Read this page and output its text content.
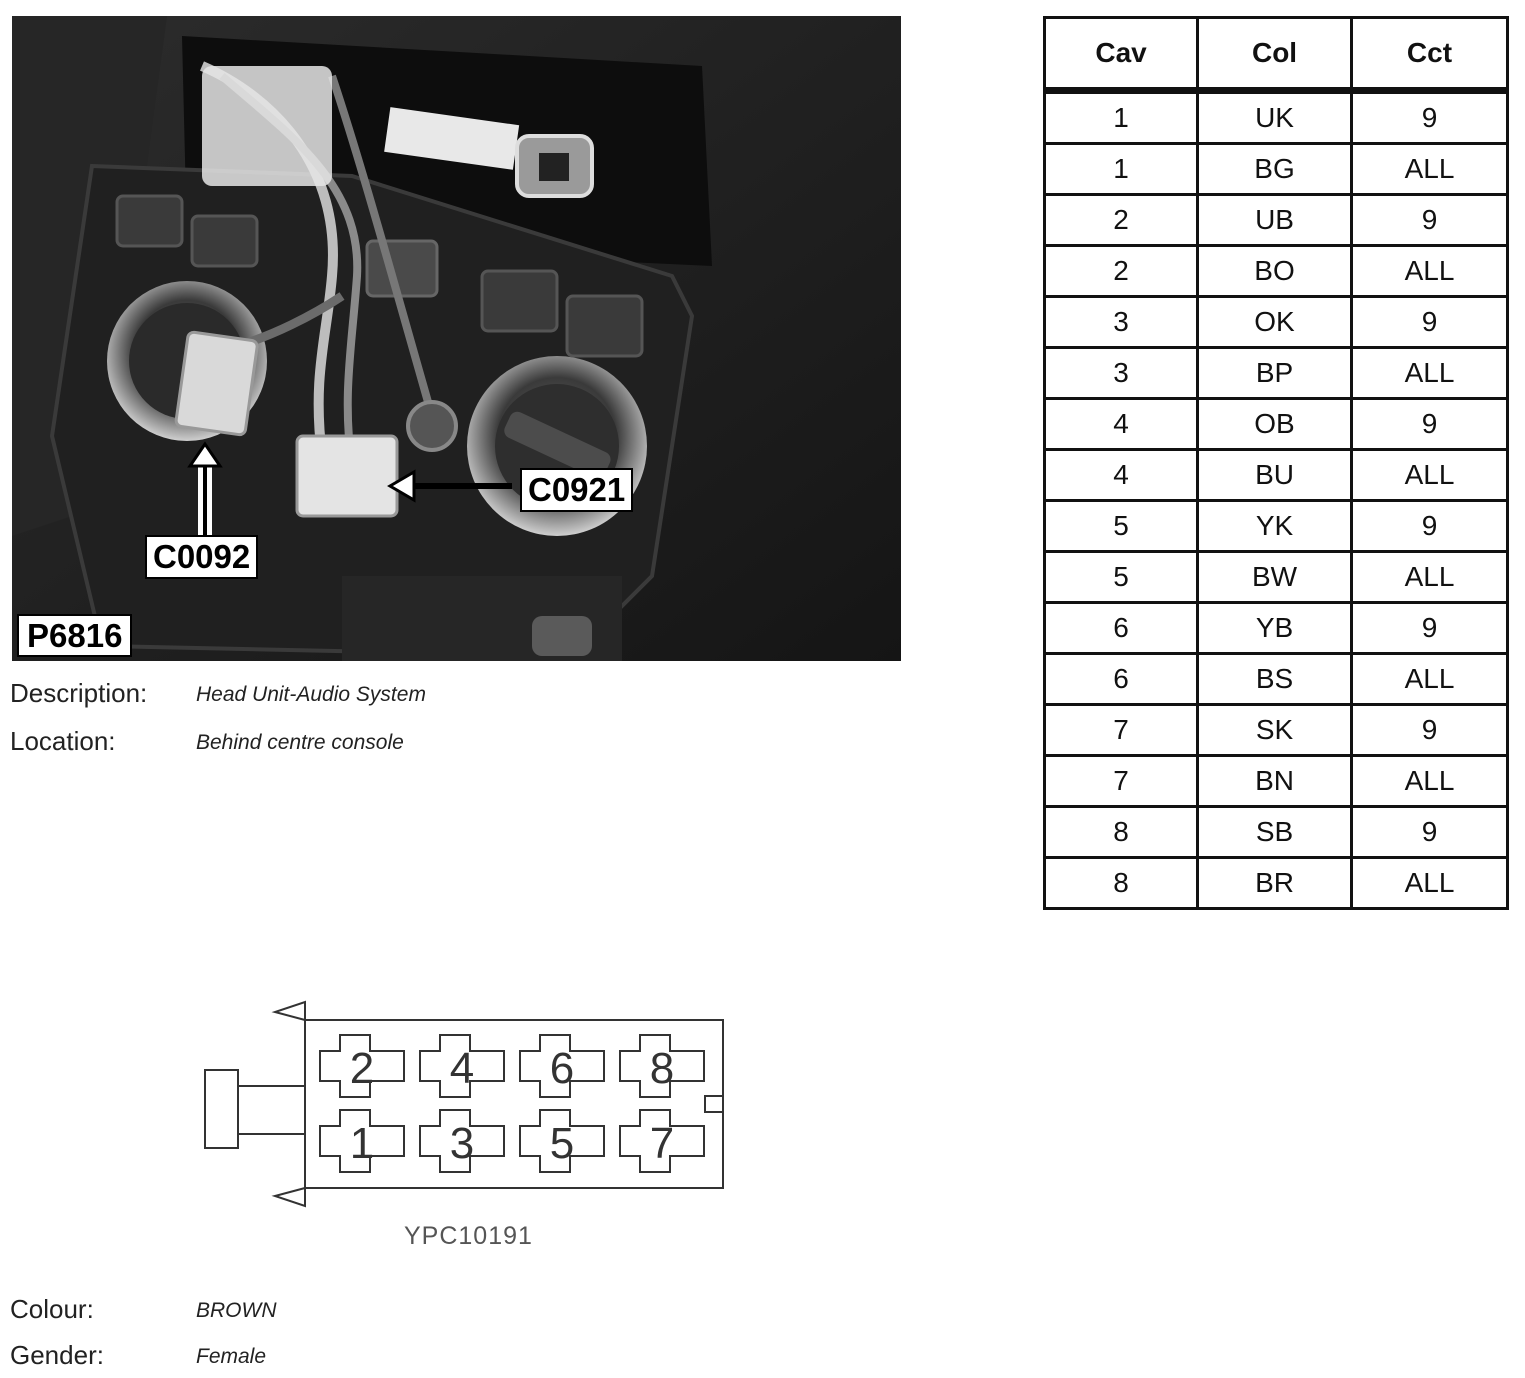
C0921
C0092
P6816
Description: Head Unit-Audio System
Location:	Behind centre console
Cav	Col	Cct
1	UK	9
1	BG	ALL
2	UB	9
2	BO	ALL
3	OK	9
3	BP	ALL
4	OB	9
4	BU	ALL
5	YK	9
5	BW	ALL
6	YB	9
6	BS	ALL
7	SK	9
7	BN	ALL
8	SB	9
8	BR	ALL
2 4 6 8
1 3 5 7
YPC10191
Colour:	BROWN
Gender:	Female
